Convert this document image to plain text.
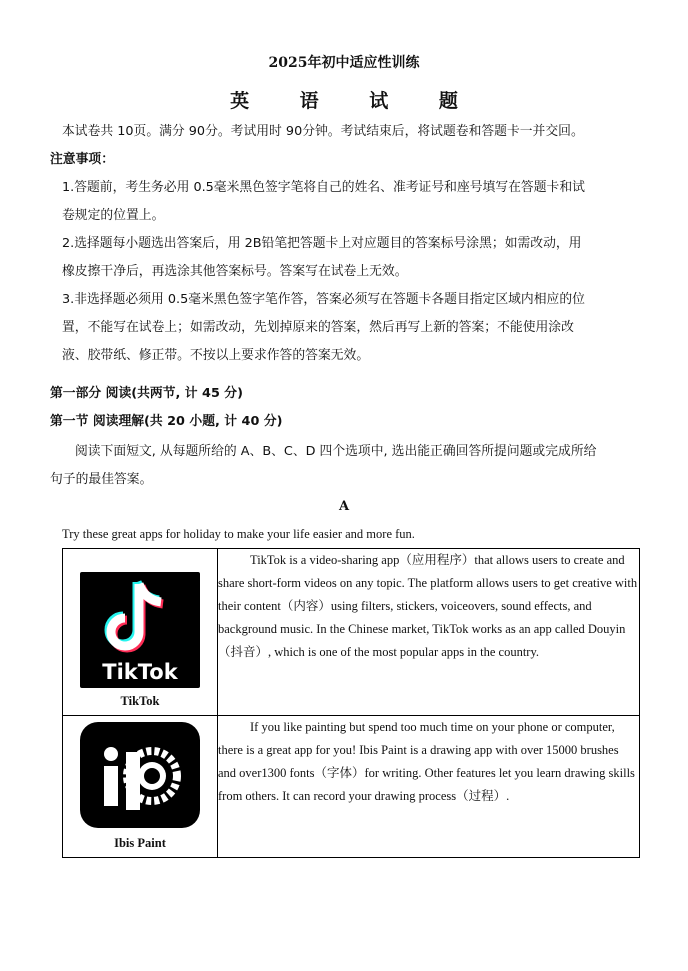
2025年初中适应性训练
英 语 试 题
本试卷共 10页。满分 90分。考试用时 90分钟。考试结束后，将试题卷和答题卡一并交回。
注意事项：
1.答题前，考生务必用 0.5毫米黑色签字笔将自己的姓名、准考证号和座号填写在答题卡和试
卷规定的位置上。
2.选择题每小题选出答案后，用 2B铅笔把答题卡上对应题目的答案标号涂黑；如需改动，用
橡皮擦干净后，再选涂其他答案标号。答案写在试卷上无效。
3.非选择题必须用 0.5毫米黑色签字笔作答，答案必须写在答题卡各题目指定区域内相应的位
置，不能写在试卷上；如需改动，先划掉原来的答案，然后再写上新的答案；不能使用涂改
液、胶带纸、修正带。不按以上要求作答的答案无效。
第一部分 阅读(共两节, 计 45 分)
第一节 阅读理解(共 20 小题, 计 40 分)
阅读下面短文, 从每题所给的 A、B、C、D 四个选项中, 选出能正确回答所提问题或完成所给
句子的最佳答案。
A
Try these great apps for holiday to make your life easier and more fun.
TikTok
TikTok	TikTok is a video-sharing app（应用程序）that allows users to create and share short-form videos on any topic. The platform allows users to get creative with their content（内容）using filters, stickers, voiceovers, sound effects, and background music. In the Chinese market, TikTok works as an app called Douyin（抖音）, which is one of the most popular apps in the country.

Ibis Paint	If you like painting but spend too much time on your phone or computer, there is a great app for you! Ibis Paint is a drawing app with over 15000 brushes and over1300 fonts（字体）for writing. Other features let you learn drawing skills from others. It can record your drawing process（过程）.
